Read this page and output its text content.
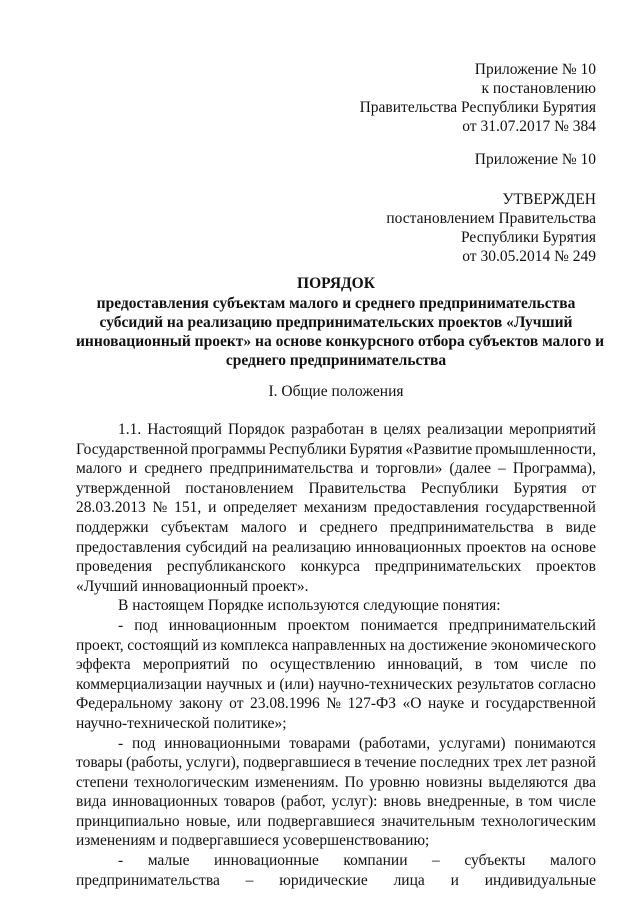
Приложение № 10
к постановлению
Правительства Республики Бурятия
от 31.07.2017 № 384
Приложение № 10
УТВЕРЖДЕН
постановлением Правительства
Республики Бурятия
от 30.05.2014 № 249
ПОРЯДОК
предоставления субъектам малого и среднего предпринимательства
субсидий на реализацию предпринимательских проектов «Лучший
инновационный проект» на основе конкурсного отбора субъектов малого и
среднего предпринимательства
I. Общие положения
1.1. Настоящий Порядок разработан в целях реализации мероприятий
Государственной программы Республики Бурятия «Развитие промышленности,
малого и среднего предпринимательства и торговли» (далее – Программа),
утвержденной постановлением Правительства Республики Бурятия от
28.03.2013 № 151, и определяет механизм предоставления государственной
поддержки субъектам малого и среднего предпринимательства в виде
предоставления субсидий на реализацию инновационных проектов на основе
проведения республиканского конкурса предпринимательских проектов
«Лучший инновационный проект».
В настоящем Порядке используются следующие понятия:
- под инновационным проектом понимается предпринимательский
проект, состоящий из комплекса направленных на достижение экономического
эффекта мероприятий по осуществлению инноваций, в том числе по
коммерциализации научных и (или) научно-технических результатов согласно
Федеральному закону от 23.08.1996 № 127-ФЗ «О науке и государственной
научно-технической политике»;
- под инновационными товарами (работами, услугами) понимаются
товары (работы, услуги), подвергавшиеся в течение последних трех лет разной
степени технологическим изменениям. По уровню новизны выделяются два
вида инновационных товаров (работ, услуг): вновь внедренные, в том числе
принципиально новые, или подвергавшиеся значительным технологическим
изменениям и подвергавшиеся усовершенствованию;
- малые инновационные компании – субъекты малого
предпринимательства – юридические лица и индивидуальные
